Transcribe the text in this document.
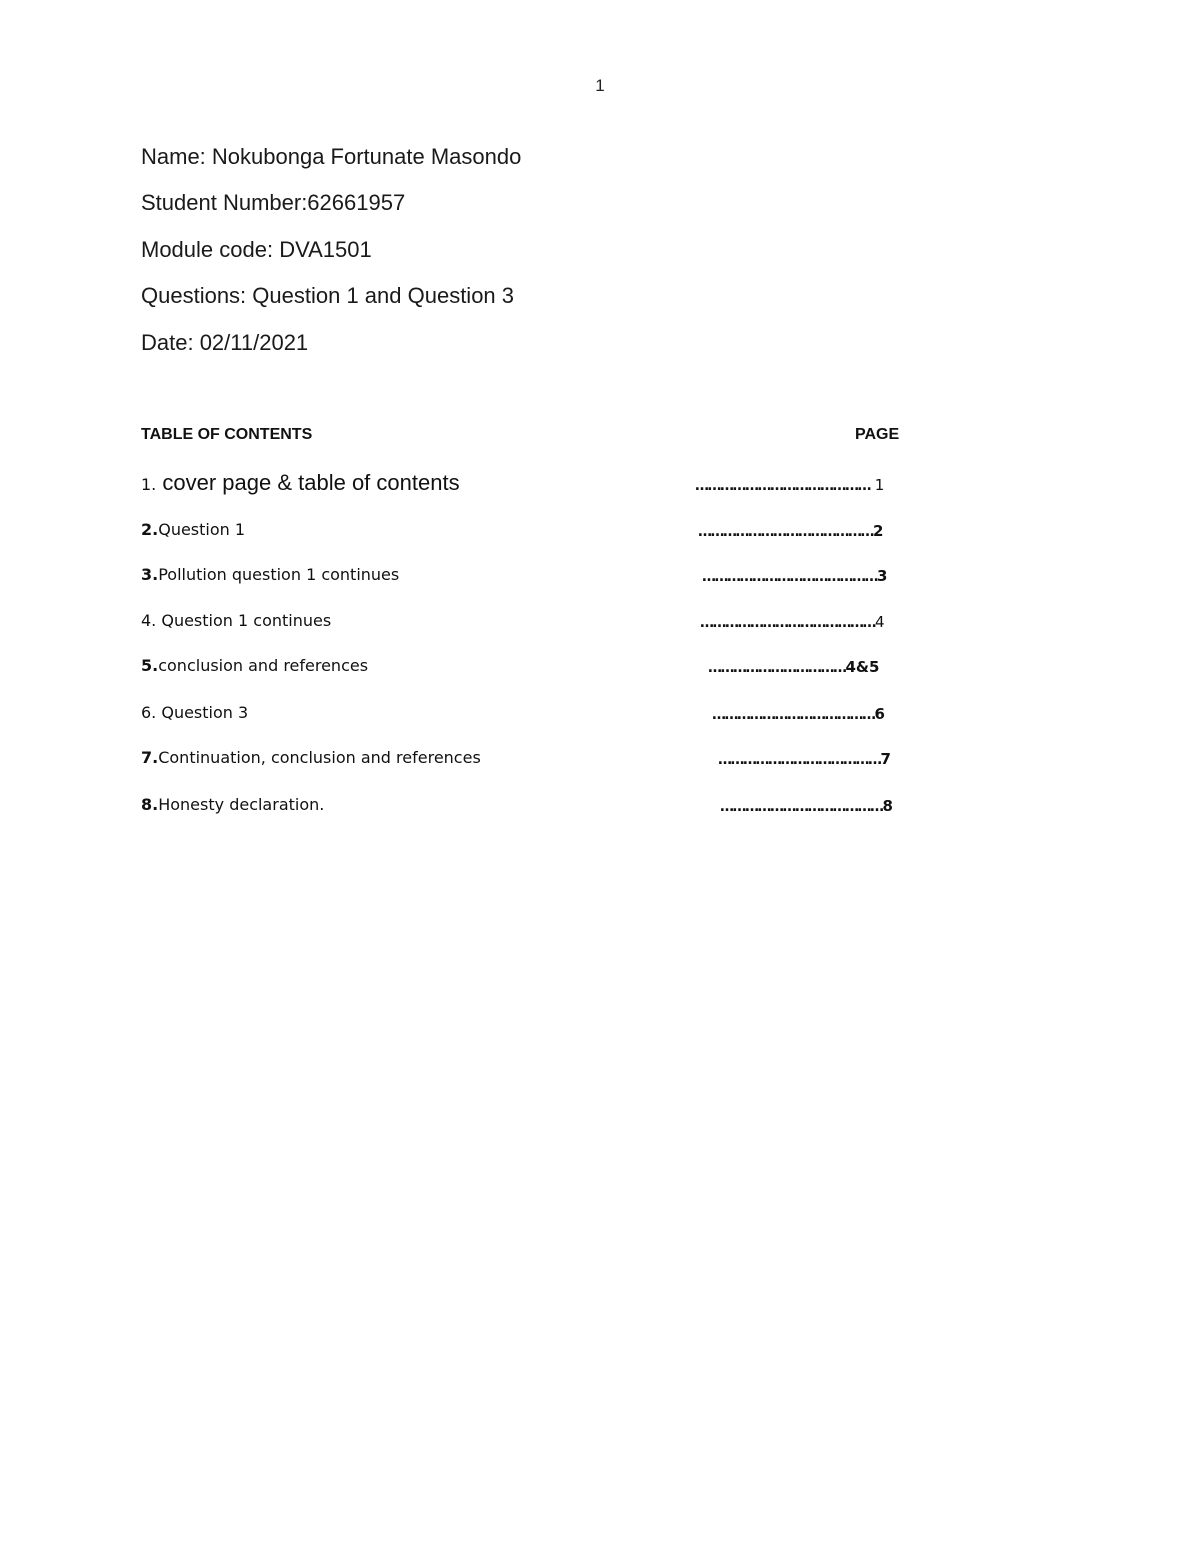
1
Name: Nokubonga Fortunate Masondo
Student Number:62661957
Module code: DVA1501
Questions: Question 1 and Question 3
Date: 02/11/2021
TABLE OF CONTENTS	PAGE
1. cover page & table of contents	…………………………………… 1
2.Question 1	……………………………………2
3.Pollution question 1 continues	……………………………………3
4. Question 1 continues	……………………………………4
5.conclusion and references	……………………………4&5
6. Question 3	…………………………………6
7.Continuation, conclusion and references	…………………………………7
8.Honesty declaration.	…………………………………8
